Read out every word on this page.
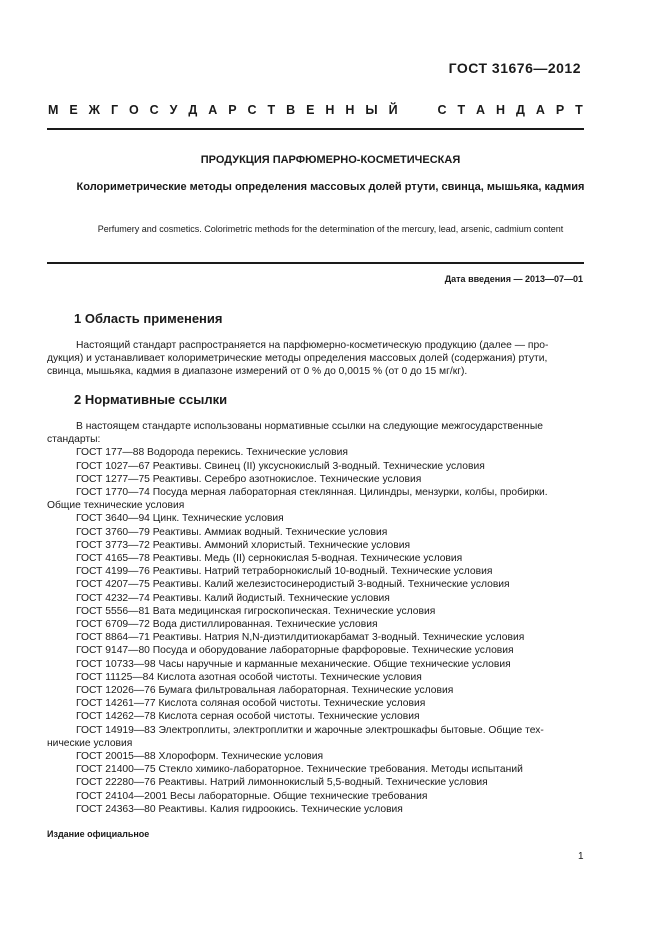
ГОСТ 31676—2012
М Е Ж Г О С У Д А Р С Т В Е Н Н Ы Й	С Т А Н Д А Р Т
ПРОДУКЦИЯ ПАРФЮМЕРНО-КОСМЕТИЧЕСКАЯ
Колориметрические методы определения массовых долей ртути, свинца, мышьяка, кадмия
Perfumery and cosmetics. Colorimetric methods for the determination of the mercury, lead, arsenic, cadmium content
Дата введения — 2013—07—01
1 Область применения
Настоящий стандарт распространяется на парфюмерно-косметическую продукцию (далее — про-
дукция) и устанавливает колориметрические методы определения массовых долей (содержания) ртути,
свинца, мышьяка, кадмия в диапазоне измерений от 0 % до 0,0015 % (от 0 до 15 мг/кг).
2 Нормативные ссылки
В настоящем стандарте использованы нормативные ссылки на следующие межгосударственные
стандарты:
ГОСТ 177—88 Водорода перекись. Технические условия
ГОСТ 1027—67 Реактивы. Свинец (II) уксуснокислый 3-водный. Технические условия
ГОСТ 1277—75 Реактивы. Серебро азотнокислое. Технические условия
ГОСТ 1770—74 Посуда мерная лабораторная стеклянная. Цилиндры, мензурки, колбы, пробирки.
Общие технические условия
ГОСТ 3640—94 Цинк. Технические условия
ГОСТ 3760—79 Реактивы. Аммиак водный. Технические условия
ГОСТ 3773—72 Реактивы. Аммоний хлористый. Технические условия
ГОСТ 4165—78 Реактивы. Медь (II) сернокислая 5-водная. Технические условия
ГОСТ 4199—76 Реактивы. Натрий тетраборнокислый 10-водный. Технические условия
ГОСТ 4207—75 Реактивы. Калий железистосинеродистый 3-водный. Технические условия
ГОСТ 4232—74 Реактивы. Калий йодистый. Технические условия
ГОСТ 5556—81 Вата медицинская гигроскопическая. Технические условия
ГОСТ 6709—72 Вода дистиллированная. Технические условия
ГОСТ 8864—71 Реактивы. Натрия N,N-диэтилдитиокарбамат 3-водный. Технические условия
ГОСТ 9147—80 Посуда и оборудование лабораторные фарфоровые. Технические условия
ГОСТ 10733—98 Часы наручные и карманные механические. Общие технические условия
ГОСТ 11125—84 Кислота азотная особой чистоты. Технические условия
ГОСТ 12026—76 Бумага фильтровальная лабораторная. Технические условия
ГОСТ 14261—77 Кислота соляная особой чистоты. Технические условия
ГОСТ 14262—78 Кислота серная особой чистоты. Технические условия
ГОСТ 14919—83 Электроплиты, электроплитки и жарочные электрошкафы бытовые. Общие тех-
нические условия
ГОСТ 20015—88 Хлороформ. Технические условия
ГОСТ 21400—75 Стекло химико-лабораторное. Технические требования. Методы испытаний
ГОСТ 22280—76 Реактивы. Натрий лимоннокислый 5,5-водный. Технические условия
ГОСТ 24104—2001 Весы лабораторные. Общие технические требования
ГОСТ 24363—80 Реактивы. Калия гидроокись. Технические условия
Издание официальное
1
